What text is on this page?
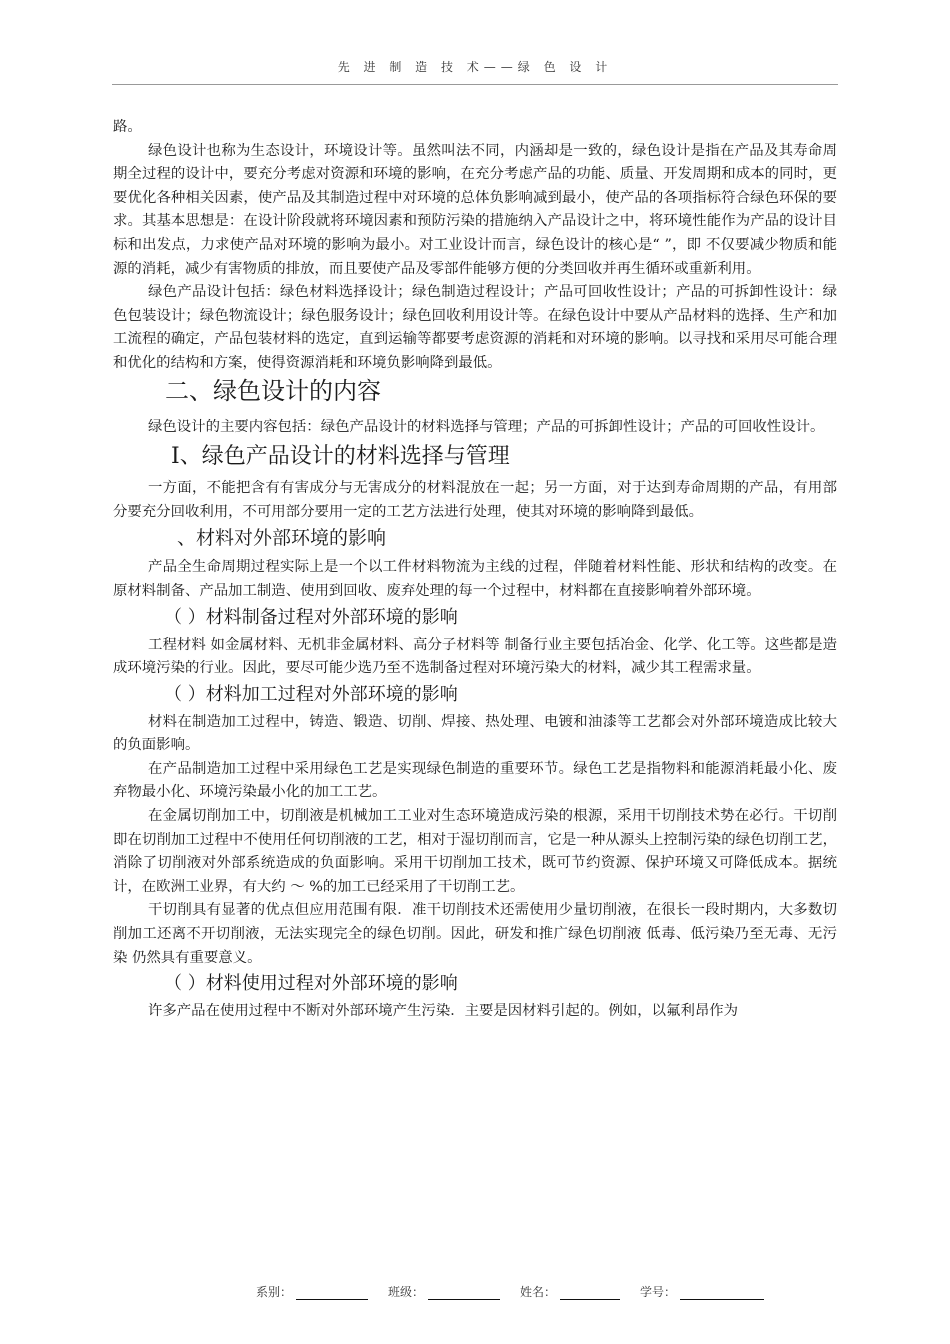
先 进 制 造 技 术——绿 色 设 计

路。

绿色设计也称为生态设计，环境设计等。虽然叫法不同，内涵却是一致的，绿色设计是指在产品及其寿命周期全过程的设计中，要充分考虑对资源和环境的影响，在充分考虑产品的功能、质量、开发周期和成本的同时，更要优化各种相关因素，使产品及其制造过程中对环境的总体负影响减到最小，使产品的各项指标符合绿色环保的要求。其基本思想是：在设计阶段就将环境因素和预防污染的措施纳入产品设计之中，将环境性能作为产品的设计目标和出发点，力求使产品对环境的影响为最小。对工业设计而言，绿色设计的核心是“ ”，即 不仅要减少物质和能源的消耗，减少有害物质的排放，而且要使产品及零部件能够方便的分类回收并再生循环或重新利用。

绿色产品设计包括：绿色材料选择设计；绿色制造过程设计；产品可回收性设计；产品的可拆卸性设计：绿色包装设计；绿色物流设计；绿色服务设计；绿色回收利用设计等。在绿色设计中要从产品材料的选择、生产和加工流程的确定，产品包装材料的选定，直到运输等都要考虑资源的消耗和对环境的影响。以寻找和采用尽可能合理和优化的结构和方案，使得资源消耗和环境负影响降到最低。

二、绿色设计的内容

绿色设计的主要内容包括：绿色产品设计的材料选择与管理；产品的可拆卸性设计；产品的可回收性设计。

Ⅰ、绿色产品设计的材料选择与管理

一方面，不能把含有有害成分与无害成分的材料混放在一起；另一方面，对于达到寿命周期的产品，有用部分要充分回收利用，不可用部分要用一定的工艺方法进行处理，使其对环境的影响降到最低。

、材料对外部环境的影响

产品全生命周期过程实际上是一个以工件材料物流为主线的过程，伴随着材料性能、形状和结构的改变。在原材料制备、产品加工制造、使用到回收、废弃处理的每一个过程中，材料都在直接影响着外部环境。

（ ）材料制备过程对外部环境的影响

工程材料 如金属材料、无机非金属材料、高分子材料等 制备行业主要包括冶金、化学、化工等。这些都是造成环境污染的行业。因此，要尽可能少选乃至不选制备过程对环境污染大的材料，减少其工程需求量。

（ ）材料加工过程对外部环境的影响

材料在制造加工过程中，铸造、锻造、切削、焊接、热处理、电镀和油漆等工艺都会对外部环境造成比较大的负面影响。

在产品制造加工过程中采用绿色工艺是实现绿色制造的重要环节。绿色工艺是指物料和能源消耗最小化、废弃物最小化、环境污染最小化的加工工艺。

在金属切削加工中，切削液是机械加工工业对生态环境造成污染的根源，采用干切削技术势在必行。干切削即在切削加工过程中不使用任何切削液的工艺，相对于湿切削而言，它是一种从源头上控制污染的绿色切削工艺，消除了切削液对外部系统造成的负面影响。采用干切削加工技术，既可节约资源、保护环境又可降低成本。据统计，在欧洲工业界，有大约 ～ %的加工已经采用了干切削工艺。

干切削具有显著的优点但应用范围有限．准干切削技术还需使用少量切削液，在很长一段时期内，大多数切削加工还离不开切削液，无法实现完全的绿色切削。因此，研发和推广绿色切削液 低毒、低污染乃至无毒、无污染 仍然具有重要意义。

（ ）材料使用过程对外部环境的影响

许多产品在使用过程中不断对外部环境产生污染．主要是因材料引起的。例如，以氟利昂作为

系别：	班级：	姓名：	学号：
